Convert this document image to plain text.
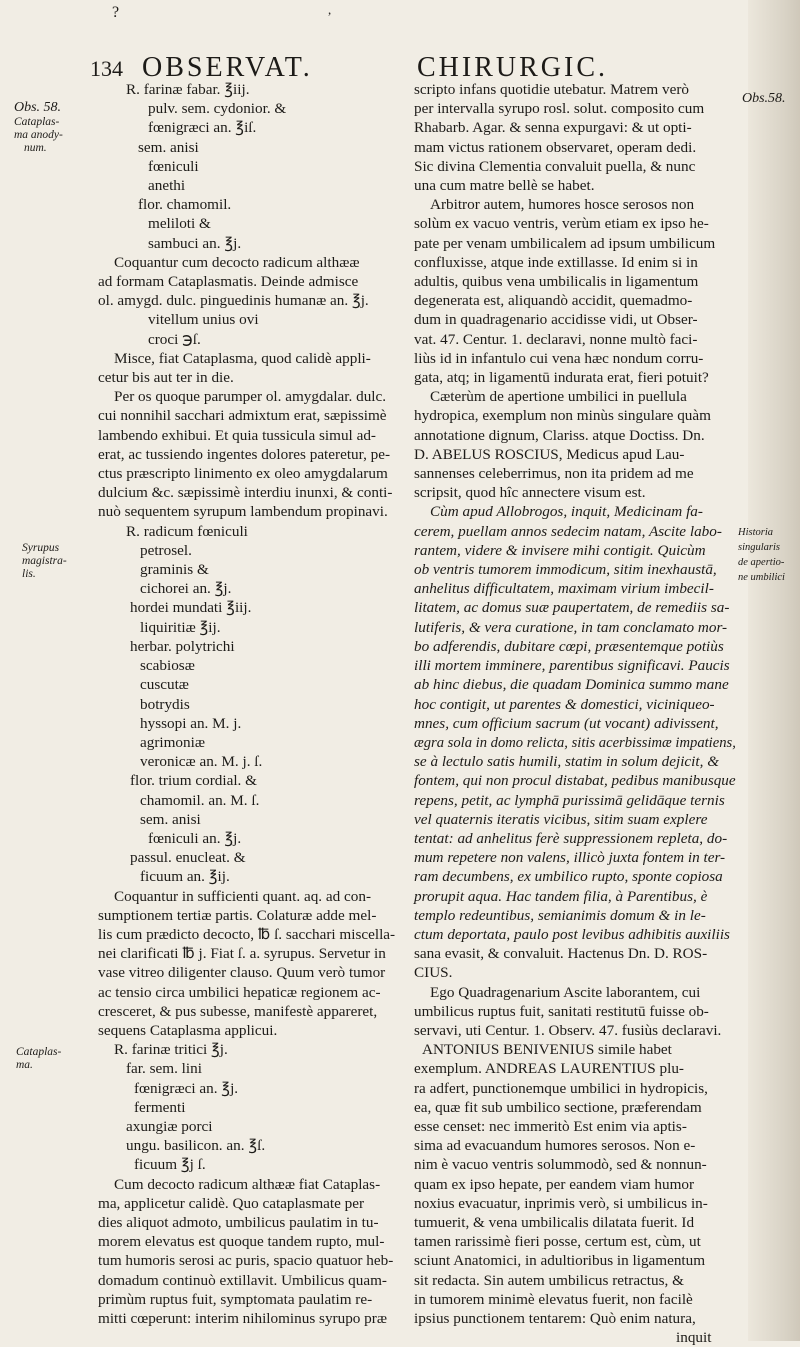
?	,
134 OBSERVAT.	CHIRURGIC.

Obs. 58.

Cataplas-

ma anody-

num.

Syrupus

magistra-

lis.

Cataplas-

ma.

Obs.58.

Historia

singularis

de apertio-

ne umbilici

R. farinæ fabar. ℥iij.

pulv. sem. cydonior. &

fœnigræci an. ℥iſ.

sem. anisi

fœniculi

anethi

flor. chamomil.

meliloti &

sambuci an. ℥j.

Coquantur cum decocto radicum althææ

ad formam Cataplasmatis. Deinde admisce

ol. amygd. dulc. pinguedinis humanæ an. ℥j.

vitellum unius ovi

croci ℈ſ.

Misce, fiat Cataplasma, quod calidè appli-

cetur bis aut ter in die.

Per os quoque parumper ol. amygdalar. dulc.

cui nonnihil sacchari admixtum erat, sæpissimè

lambendo exhibui. Et quia tussicula simul ad-

erat, ac tussiendo ingentes dolores pateretur, pe-

ctus præscripto linimento ex oleo amygdalarum

dulcium &c. sæpissimè interdiu inunxi, & conti-

nuò sequentem syrupum lambendum propinavi.

R. radicum fœniculi

petrosel.

graminis &

cichorei an. ℥j.

hordei mundati ℥iij.

liquiritiæ ℥ij.

herbar. polytrichi

scabiosæ

cuscutæ

botrydis

hyssopi an. M. j.

agrimoniæ

veronicæ an. M. j. ſ.

flor. trium cordial. &

chamomil. an. M. ſ.

sem. anisi

fœniculi an. ℥j.

passul. enucleat. &

ficuum an. ℥ij.

Coquantur in sufficienti quant. aq. ad con-

sumptionem tertiæ partis. Colaturæ adde mel-

lis cum prædicto decocto, ℔ ſ. sacchari miscella-

nei clarificati ℔ j. Fiat ſ. a. syrupus. Servetur in

vase vitreo diligenter clauso. Quum verò tumor

ac tensio circa umbilici hepaticæ regionem ac-

cresceret, & pus subesse, manifestè appareret,

sequens Cataplasma applicui.

R. farinæ tritici ℥j.

far. sem. lini

fœnigræci an. ℥j.

fermenti

axungiæ porci

ungu. basilicon. an. ℥ſ.

ficuum ℥j ſ.

Cum decocto radicum althææ fiat Cataplas-

ma, applicetur calidè. Quo cataplasmate per

dies aliquot admoto, umbilicus paulatim in tu-

morem elevatus est quoque tandem rupto, mul-

tum humoris serosi ac puris, spacio quatuor heb-

domadum continuò extillavit. Umbilicus quam-

primùm ruptus fuit, symptomata paulatim re-

mitti cœperunt: interim nihilominus syrupo præ

scripto infans quotidie utebatur. Matrem verò

per intervalla syrupo rosl. solut. composito cum

Rhabarb. Agar. & senna expurgavi: & ut opti-

mam victus rationem observaret, operam dedi.

Sic divina Clementia convaluit puella, & nunc

una cum matre bellè se habet.

Arbitror autem, humores hosce serosos non

solùm ex vacuo ventris, verùm etiam ex ipso he-

pate per venam umbilicalem ad ipsum umbilicum

confluxisse, atque inde extillasse. Id enim si in

adultis, quibus vena umbilicalis in ligamentum

degenerata est, aliquandò accidit, quemadmo-

dum in quadragenario accidisse vidi, ut Obser-

vat. 47. Centur. 1. declaravi, nonne multò faci-

liùs id in infantulo cui vena hæc nondum corru-

gata, atq; in ligamentū indurata erat, fieri potuit?

Cæterùm de apertione umbilici in puellula

hydropica, exemplum non minùs singulare quàm

annotatione dignum, Clariss. atque Doctiss. Dn.

D. ABELUS ROSCIUS, Medicus apud Lau-

sannenses celeberrimus, non ita pridem ad me

scripsit, quod hîc annectere visum est.

Cùm apud Allobrogos, inquit, Medicinam fa-

cerem, puellam annos sedecim natam, Ascite labo-

rantem, videre & invisere mihi contigit. Quicùm

ob ventris tumorem immodicum, sitim inexhaustā,

anhelitus difficultatem, maximam virium imbecil-

litatem, ac domus suæ paupertatem, de remediis sa-

lutiferis, & vera curatione, in tam conclamato mor-

bo adferendis, dubitare cœpi, præsentemque potiùs

illi mortem imminere, parentibus significavi. Paucis

ab hinc diebus, die quadam Dominica summo mane

hoc contigit, ut parentes & domestici, viciniqueo-

mnes, cum officium sacrum (ut vocant) adivissent,

ægra sola in domo relicta, sitis acerbissimæ impatiens,

se à lectulo satis humili, statim in solum dejicit, &

fontem, qui non procul distabat, pedibus manibusque

repens, petit, ac lymphā purissimā gelidāque ternis

vel quaternis iteratis vicibus, sitim suam explere

tentat: ad anhelitus ferè suppressionem repleta, do-

mum repetere non valens, illicò juxta fontem in ter-

ram decumbens, ex umbilico rupto, sponte copiosa

prorupit aqua. Hac tandem filia, à Parentibus, è

templo redeuntibus, semianimis domum & in le-

ctum deportata, paulo post levibus adhibitis auxiliis

sana evasit, & convaluit. Hactenus Dn. D. ROS-

CIUS.

Ego Quadragenarium Ascite laborantem, cui

umbilicus ruptus fuit, sanitati restitutū fuisse ob-

servavi, uti Centur. 1. Observ. 47. fusiùs declaravi.

ANTONIUS BENIVENIUS simile habet

exemplum. ANDREAS LAURENTIUS plu-

ra adfert, punctionemque umbilici in hydropicis,

ea, quæ fit sub umbilico sectione, præferendam

esse censet: nec immeritò Est enim via aptis-

sima ad evacuandum humores serosos. Non e-

nim è vacuo ventris solummodò, sed & nonnun-

quam ex ipso hepate, per eandem viam humor

noxius evacuatur, inprimis verò, si umbilicus in-

tumuerit, & vena umbilicalis dilatata fuerit. Id

tamen rarissimè fieri posse, certum est, cùm, ut

sciunt Anatomici, in adultioribus in ligamentum

sit redacta. Sin autem umbilicus retractus, &

in tumorem minimè elevatus fuerit, non facilè

ipsius punctionem tentarem: Quò enim natura,

inquit
